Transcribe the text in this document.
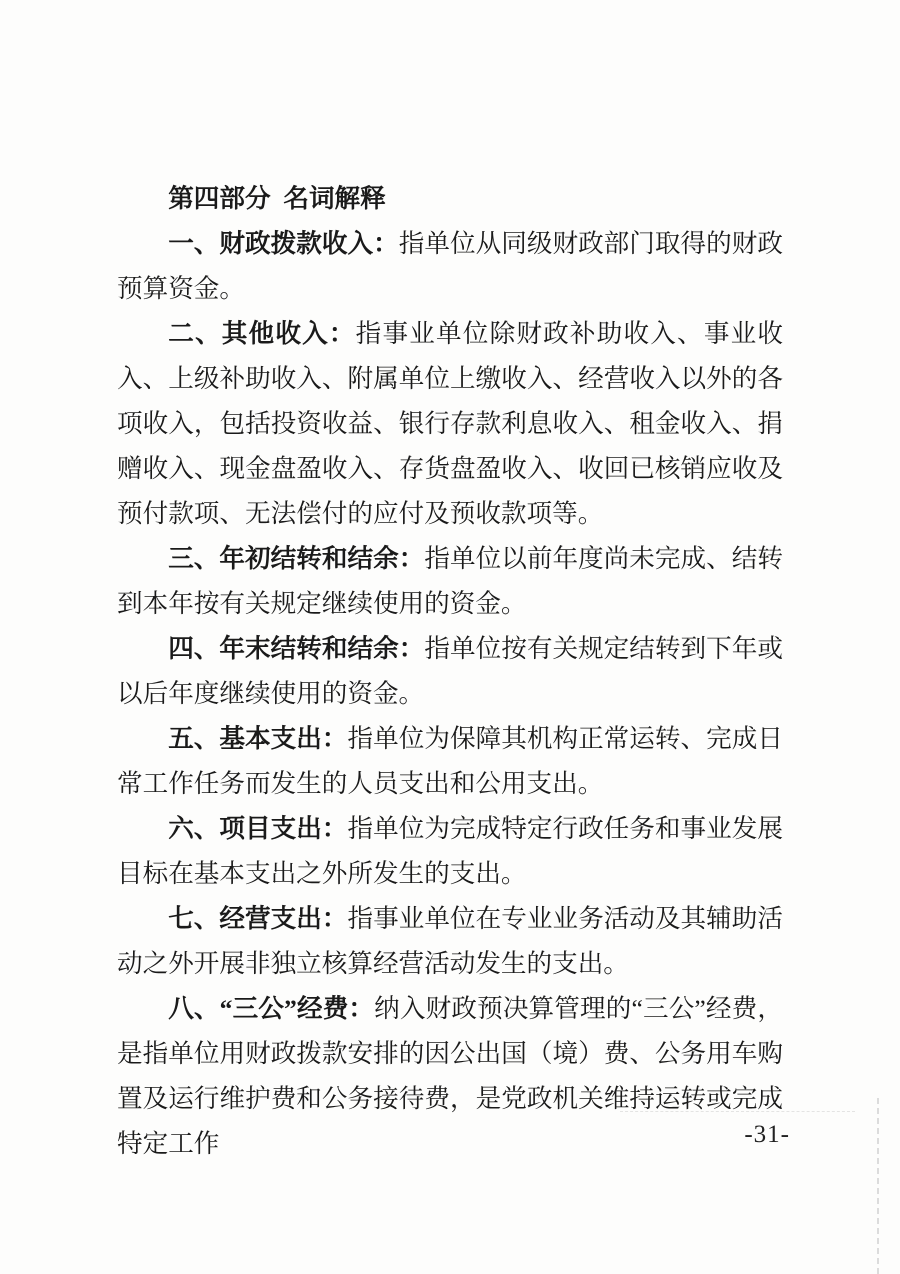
第四部分  名词解释

一、财政拨款收入：指单位从同级财政部门取得的财政预算资金。

二、其他收入：指事业单位除财政补助收入、事业收入、上级补助收入、附属单位上缴收入、经营收入以外的各项收入，包括投资收益、银行存款利息收入、租金收入、捐赠收入、现金盘盈收入、存货盘盈收入、收回已核销应收及预付款项、无法偿付的应付及预收款项等。

三、年初结转和结余：指单位以前年度尚未完成、结转到本年按有关规定继续使用的资金。

四、年末结转和结余：指单位按有关规定结转到下年或以后年度继续使用的资金。

五、基本支出：指单位为保障其机构正常运转、完成日常工作任务而发生的人员支出和公用支出。

六、项目支出：指单位为完成特定行政任务和事业发展目标在基本支出之外所发生的支出。

七、经营支出：指事业单位在专业业务活动及其辅助活动之外开展非独立核算经营活动发生的支出。

八、“三公”经费：纳入财政预决算管理的“三公”经费，是指单位用财政拨款安排的因公出国（境）费、公务用车购置及运行维护费和公务接待费，是党政机关维持运转或完成特定工作	-31-
